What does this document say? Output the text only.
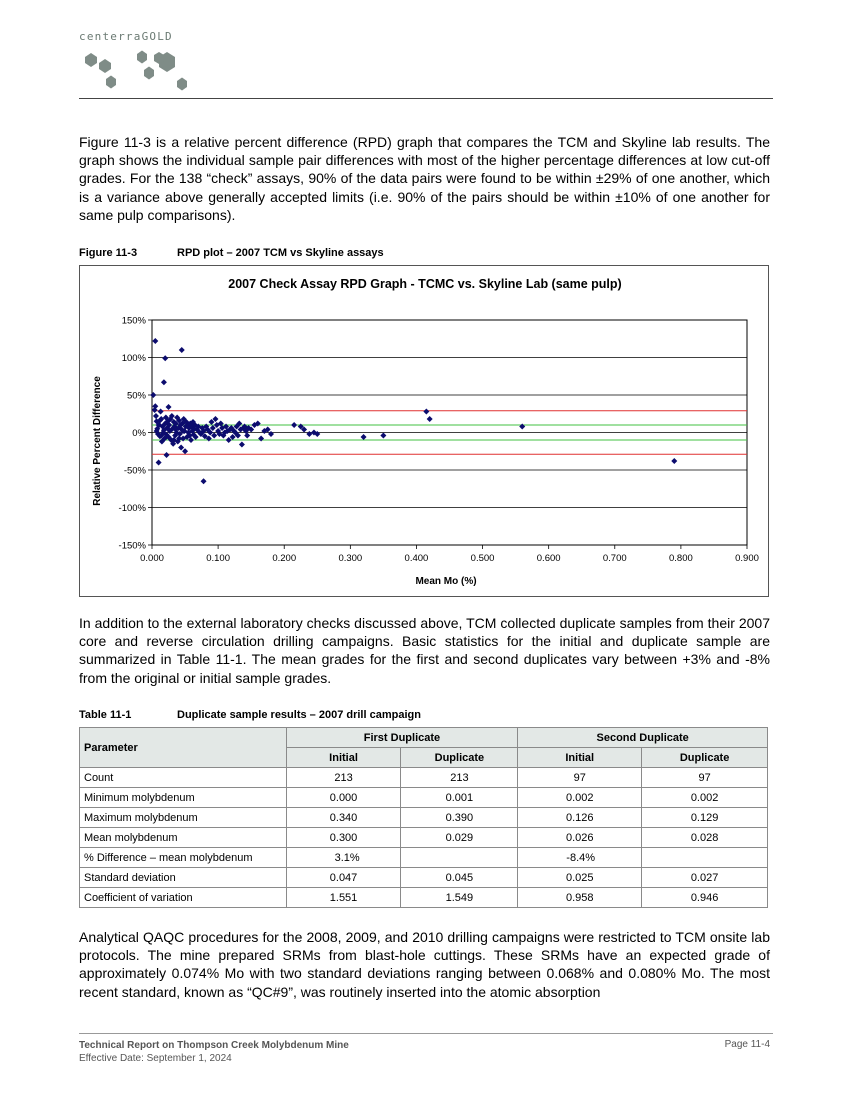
centerraGOLD

Figure 11-3 is a relative percent difference (RPD) graph that compares the TCM and Skyline lab results. The graph shows the individual sample pair differences with most of the higher percentage differences at low cut-off grades. For the 138 “check” assays, 90% of the data pairs were found to be within ±29% of one another, which is a variance above generally accepted limits (i.e. 90% of the pairs should be within ±10% of one another for same pulp comparisons).

Figure 11-3	RPD plot – 2007 TCM vs Skyline assays
2007 Check Assay RPD Graph - TCMC vs. Skyline Lab (same pulp)
150%
100%
50%
0%
-50%
-100%
-150%
0.000	0.100	0.200	0.300	0.400	0.500	0.600	0.700	0.800	0.900
Mean Mo (%)
Relative Percent Difference

In addition to the external laboratory checks discussed above, TCM collected duplicate samples from their 2007 core and reverse circulation drilling campaigns. Basic statistics for the initial and duplicate sample are summarized in Table 11-1. The mean grades for the first and second duplicates vary between +3% and -8% from the original or initial sample grades.

Table 11-1	Duplicate sample results – 2007 drill campaign
Parameter	First Duplicate		Second Duplicate	
	Initial	Duplicate	Initial	Duplicate
Count	213	213	97	97
Minimum molybdenum	0.000	0.001	0.002	0.002
Maximum molybdenum	0.340	0.390	0.126	0.129
Mean molybdenum	0.300	0.029	0.026	0.028
% Difference – mean molybdenum	3.1%		-8.4%	
Standard deviation	0.047	0.045	0.025	0.027
Coefficient of variation	1.551	1.549	0.958	0.946

Analytical QAQC procedures for the 2008, 2009, and 2010 drilling campaigns were restricted to TCM onsite lab protocols. The mine prepared SRMs from blast-hole cuttings. These SRMs have an expected grade of approximately 0.074% Mo with two standard deviations ranging between 0.068% and 0.080% Mo. The most recent standard, known as “QC#9”, was routinely inserted into the atomic absorption

Technical Report on Thompson Creek Molybdenum Mine
Effective Date: September 1, 2024
Page 11-4
